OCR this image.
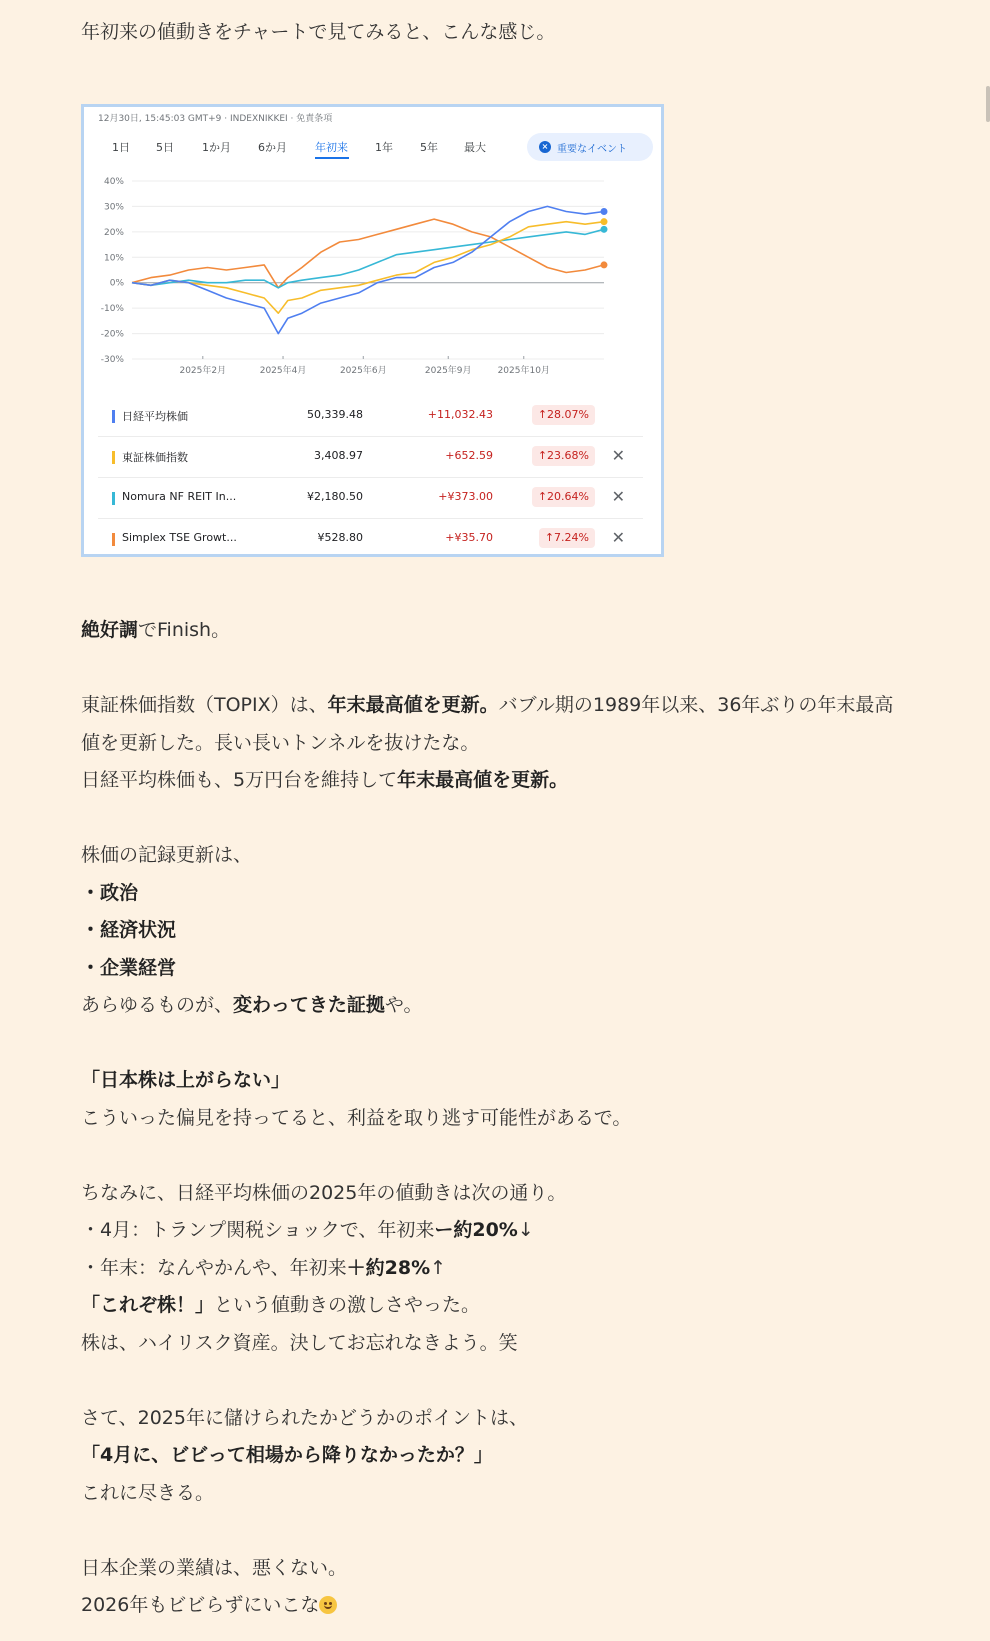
年初来の値動きをチャートで見てみると、こんな感じ。

絶好調でFinish。

東証株価指数（TOPIX）は、年末最高値を更新。バブル期の1989年以来、36年ぶりの年末最高

値を更新した。長い長いトンネルを抜けたな。

日経平均株価も、5万円台を維持して年末最高値を更新。

株価の記録更新は、

・政治

・経済状況

・企業経営

あらゆるものが、変わってきた証拠や。

「日本株は上がらない」

こういった偏見を持ってると、利益を取り逃す可能性があるで。

ちなみに、日経平均株価の2025年の値動きは次の通り。

・4月：トランプ関税ショックで、年初来ー約20%↓

・年末：なんやかんや、年初来＋約28%↑

「これぞ株！」という値動きの激しさやった。

株は、ハイリスク資産。決してお忘れなきよう。笑

さて、2025年に儲けられたかどうかのポイントは、

「4月に、ビビって相場から降りなかったか？」

これに尽きる。

日本企業の業績は、悪くない。

2026年もビビらずにいこな

12月30日, 15:45:03 GMT+9 · INDEXNIKKEI · 免責条項
1日 5日	1か月 6か月	年初来 1年 5年 最大	× 重要なイベント
40%
30%
20%
10%
0%
-10%
-20%
-30%
2025年2月	2025年4月	2025年6月	2025年9月	2025年10月
日経平均株価	50,339.48	+11,032.43	↑28.07%
東証株価指数	3,408.97	+652.59	↑23.68%	✕
Nomura NF REIT In...	¥2,180.50	+¥373.00	↑20.64%	✕
Simplex TSE Growt...	¥528.80	+¥35.70	↑7.24%	✕
